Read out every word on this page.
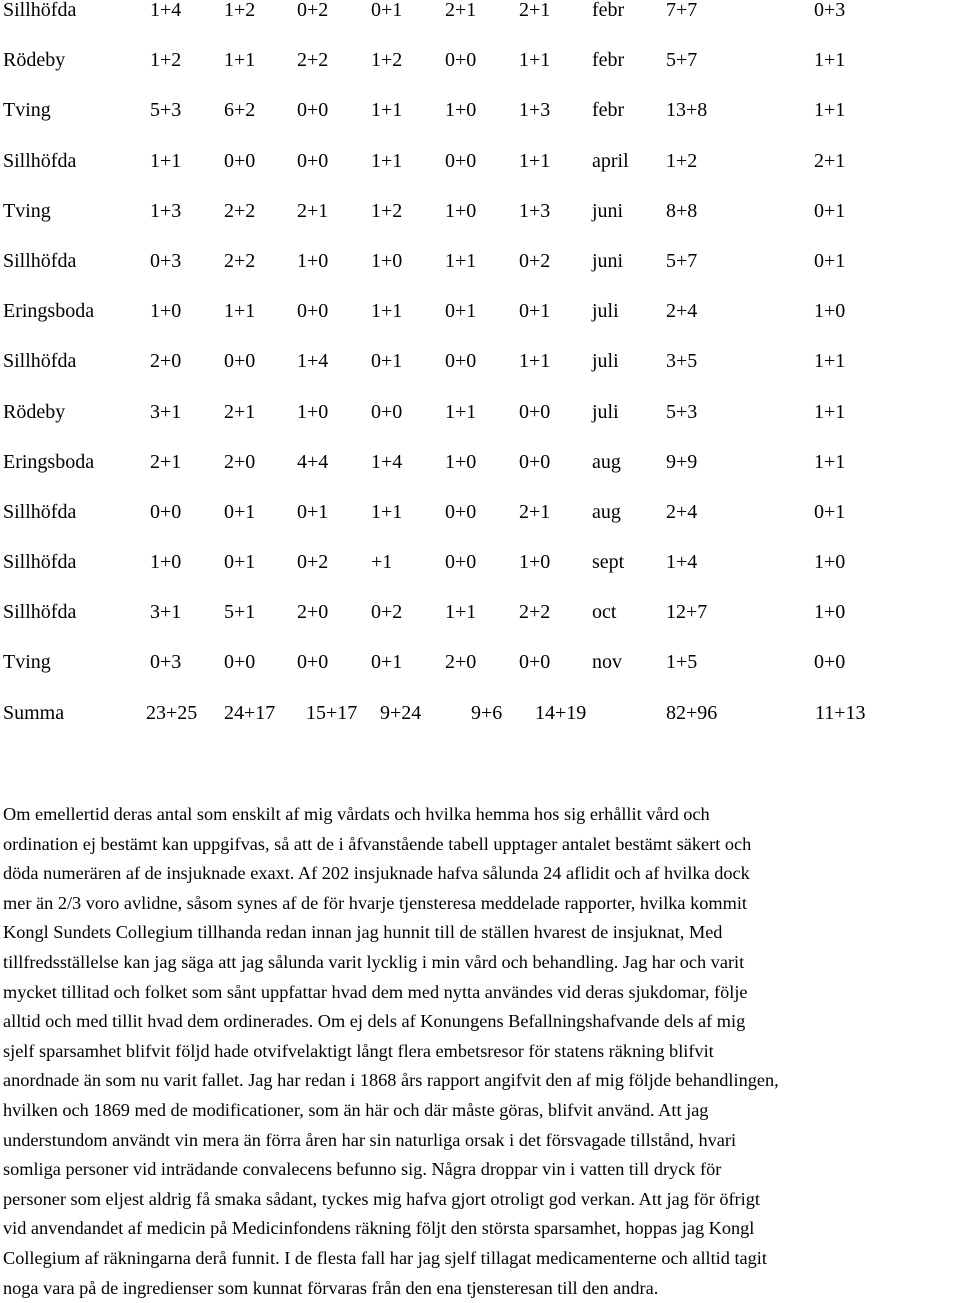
Sillhöfda	1+4 1+2 0+2 0+1 2+1 2+1 febr 7+7	0+3
Rödeby	1+2 1+1 2+2 1+2 0+0 1+1 febr 5+7	1+1
Tving	5+3 6+2 0+0 1+1 1+0 1+3 febr 13+8	1+1
Sillhöfda	1+1 0+0 0+0 1+1 0+0 1+1 april 1+2	2+1
Tving	1+3 2+2 2+1 1+2 1+0 1+3 juni 8+8	0+1
Sillhöfda	0+3 2+2 1+0 1+0 1+1 0+2 juni 5+7	0+1
Eringsboda	1+0 1+1 0+0 1+1 0+1 0+1 juli 2+4	1+0
Sillhöfda	2+0 0+0 1+4 0+1 0+0 1+1 juli 3+5	1+1
Rödeby	3+1 2+1 1+0 0+0 1+1 0+0 juli 5+3	1+1
Eringsboda	2+1 2+0 4+4 1+4 1+0 0+0 aug 9+9	1+1
Sillhöfda	0+0 0+1 0+1 1+1 0+0 2+1 aug 2+4	0+1
Sillhöfda	1+0 0+1 0+2 +1	0+0 1+0 sept 1+4	1+0
Sillhöfda	3+1 5+1 2+0 0+2 1+1 2+2 oct 12+7	1+0
Tving	0+3 0+0 0+0 0+1 2+0 0+0 nov 1+5	0+0
Summa	23+25 24+17 15+17 9+24 9+6 14+19	82+96	11+13
Om emellertid deras antal som enskilt af mig vårdats och hvilka hemma hos sig erhållit vård och
ordination ej bestämt kan uppgifvas, så att de i åfvanstående tabell upptager antalet bestämt säkert och
döda numerären af de insjuknade exaxt. Af 202 insjuknade hafva sålunda 24 aflidit och af hvilka dock
mer än 2/3 voro avlidne, såsom synes af de för hvarje tjensteresa meddelade rapporter, hvilka kommit
Kongl Sundets Collegium tillhanda redan innan jag hunnit till de ställen hvarest de insjuknat, Med
tillfredsställelse kan jag säga att jag sålunda varit lycklig i min vård och behandling. Jag har och varit
mycket tillitad och folket som sånt uppfattar hvad dem med nytta användes vid deras sjukdomar, följe
alltid och med tillit hvad dem ordinerades. Om ej dels af Konungens Befallningshafvande dels af mig
sjelf sparsamhet blifvit följd hade otvifvelaktigt långt flera embetsresor för statens räkning blifvit
anordnade än som nu varit fallet. Jag har redan i 1868 års rapport angifvit den af mig följde behandlingen,
hvilken och 1869 med de modificationer, som än här och där måste göras, blifvit använd. Att jag
understundom användt vin mera än förra åren har sin naturliga orsak i det försvagade tillstånd, hvari
somliga personer vid inträdande convalecens befunno sig. Några droppar vin i vatten till dryck för
personer som eljest aldrig få smaka sådant, tyckes mig hafva gjort otroligt god verkan. Att jag för öfrigt
vid anvendandet af medicin på Medicinfondens räkning följt den största sparsamhet, hoppas jag Kongl
Collegium af räkningarna derå funnit. I de flesta fall har jag sjelf tillagat medicamenterne och alltid tagit
noga vara på de ingredienser som kunnat förvaras från den ena tjensteresan till den andra.
